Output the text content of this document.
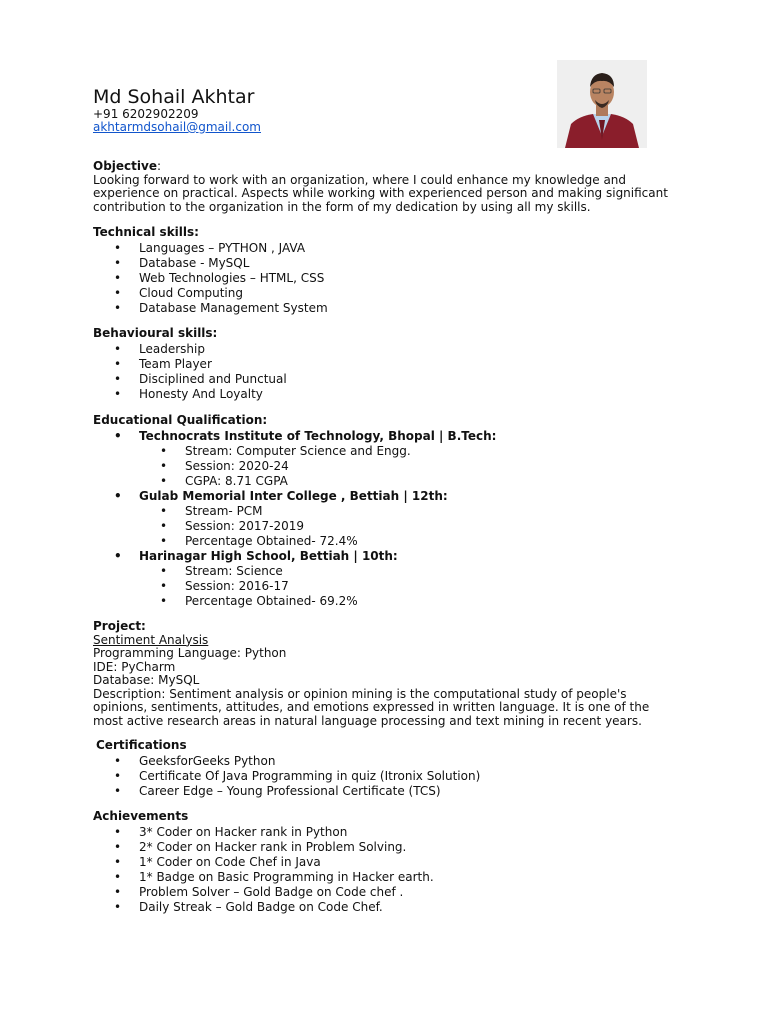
Md Sohail Akhtar
+91 6202902209
akhtarmdsohail@gmail.com
Objective:

Looking forward to work with an organization, where I could enhance my knowledge and experience on practical. Aspects while working with experienced person and making significant contribution to the organization in the form of my dedication by using all my skills.

Technical skills:
• Languages – PYTHON , JAVA
• Database - MySQL
• Web Technologies – HTML, CSS
• Cloud Computing
• Database Management System
Behavioural skills:
• Leadership
• Team Player
• Disciplined and Punctual
• Honesty And Loyalty
Educational Qualification:
• Technocrats Institute of Technology, Bhopal | B.Tech:
• Stream: Computer Science and Engg.
• Session: 2020-24
• CGPA: 8.71 CGPA
• Gulab Memorial Inter College , Bettiah | 12th:
• Stream- PCM
• Session: 2017-2019
• Percentage Obtained- 72.4%
• Harinagar High School, Bettiah | 10th:
• Stream: Science
• Session: 2016-17
• Percentage Obtained- 69.2%
Project:
Sentiment Analysis
Programming Language: Python
IDE: PyCharm
Database: MySQL

Description: Sentiment analysis or opinion mining is the computational study of people's opinions, sentiments, attitudes, and emotions expressed in written language. It is one of the most active research areas in natural language processing and text mining in recent years.

Certifications
• GeeksforGeeks Python
• Certificate Of Java Programming in quiz (Itronix Solution)
• Career Edge – Young Professional Certificate (TCS)
Achievements
• 3* Coder on Hacker rank in Python
• 2* Coder on Hacker rank in Problem Solving.
• 1* Coder on Code Chef in Java
• 1* Badge on Basic Programming in Hacker earth.
• Problem Solver – Gold Badge on Code chef .
• Daily Streak – Gold Badge on Code Chef.
